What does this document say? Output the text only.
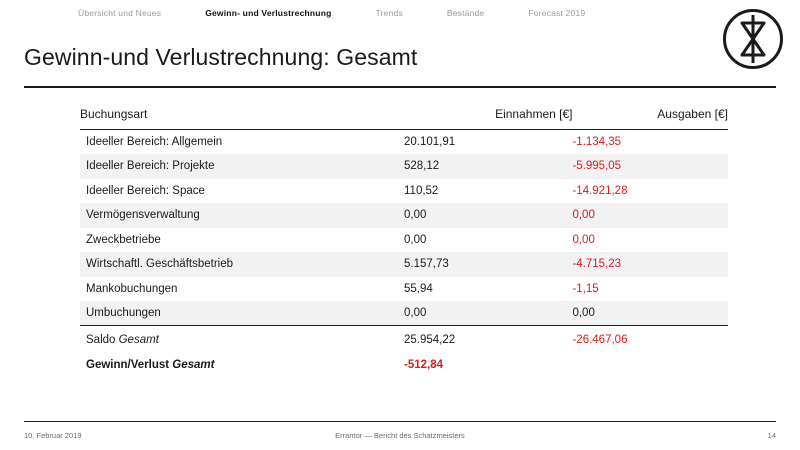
Übersicht und Neues	Gewinn- und Verlustrechnung	Trends	Bestände	Forecast 2019
Gewinn-und Verlustrechnung: Gesamt
Buchungsart	Einnahmen [€]	Ausgaben [€]
Ideeller Bereich: Allgemein	20.101,91	-1.134,35
Ideeller Bereich: Projekte	528,12	-5.995,05
Ideeller Bereich: Space	110,52	-14.921,28
Vermögensverwaltung	0,00	0,00
Zweckbetriebe	0,00	0,00
Wirtschaftl. Geschäftsbetrieb	5.157,73	-4.715,23
Mankobuchungen	55,94	-1,15
Umbuchungen	0,00	0,00
Saldo Gesamt	25.954,22	-26.467,06
Gewinn/Verlust Gesamt	-512,84	
10. Februar 2019	Errantor — Bericht des Schatzmeisters	14
